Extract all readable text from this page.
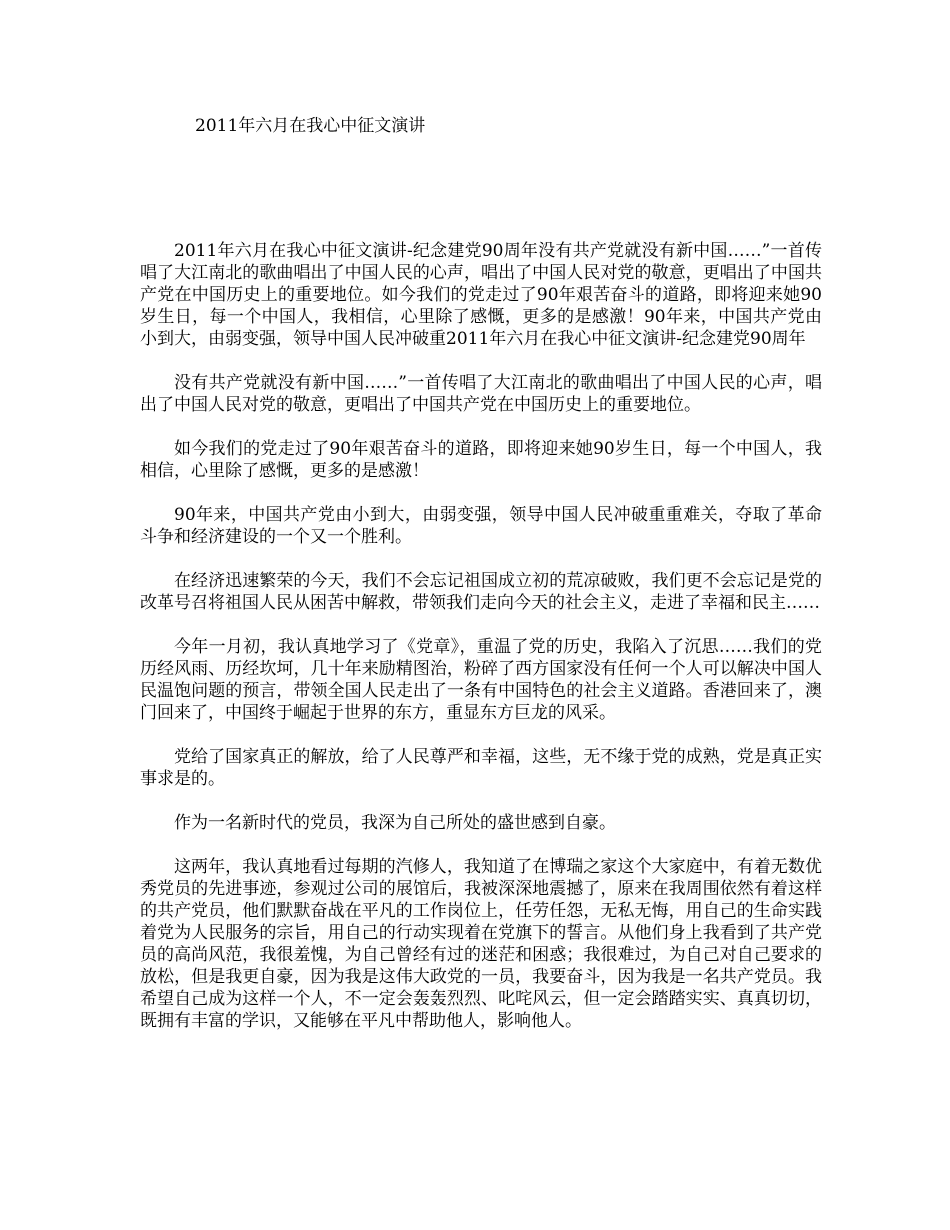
2011年六月在我心中征文演讲

2011年六月在我心中征文演讲-纪念建党90周年没有共产党就没有新中国……”一首传唱了大江南北的歌曲唱出了中国人民的心声，唱出了中国人民对党的敬意，更唱出了中国共产党在中国历史上的重要地位。如今我们的党走过了90年艰苦奋斗的道路，即将迎来她90岁生日，每一个中国人，我相信，心里除了感慨，更多的是感激！90年来，中国共产党由小到大，由弱变强，领导中国人民冲破重2011年六月在我心中征文演讲-纪念建党90周年

没有共产党就没有新中国……”一首传唱了大江南北的歌曲唱出了中国人民的心声，唱出了中国人民对党的敬意，更唱出了中国共产党在中国历史上的重要地位。

如今我们的党走过了90年艰苦奋斗的道路，即将迎来她90岁生日，每一个中国人，我相信，心里除了感慨，更多的是感激！

90年来，中国共产党由小到大，由弱变强，领导中国人民冲破重重难关，夺取了革命斗争和经济建设的一个又一个胜利。

在经济迅速繁荣的今天，我们不会忘记祖国成立初的荒凉破败，我们更不会忘记是党的改革号召将祖国人民从困苦中解救，带领我们走向今天的社会主义，走进了幸福和民主……

今年一月初，我认真地学习了《党章》，重温了党的历史，我陷入了沉思……我们的党历经风雨、历经坎坷，几十年来励精图治，粉碎了西方国家没有任何一个人可以解决中国人民温饱问题的预言，带领全国人民走出了一条有中国特色的社会主义道路。香港回来了，澳门回来了，中国终于崛起于世界的东方，重显东方巨龙的风采。

党给了国家真正的解放，给了人民尊严和幸福，这些，无不缘于党的成熟，党是真正实事求是的。

作为一名新时代的党员，我深为自己所处的盛世感到自豪。

这两年，我认真地看过每期的汽修人，我知道了在博瑞之家这个大家庭中，有着无数优秀党员的先进事迹，参观过公司的展馆后，我被深深地震撼了，原来在我周围依然有着这样的共产党员，他们默默奋战在平凡的工作岗位上，任劳任怨，无私无悔，用自己的生命实践着党为人民服务的宗旨，用自己的行动实现着在党旗下的誓言。从他们身上我看到了共产党员的高尚风范，我很羞愧，为自己曾经有过的迷茫和困惑；我很难过，为自己对自己要求的放松，但是我更自豪，因为我是这伟大政党的一员，我要奋斗，因为我是一名共产党员。我希望自己成为这样一个人，不一定会轰轰烈烈、叱咤风云，但一定会踏踏实实、真真切切，既拥有丰富的学识，又能够在平凡中帮助他人，影响他人。
